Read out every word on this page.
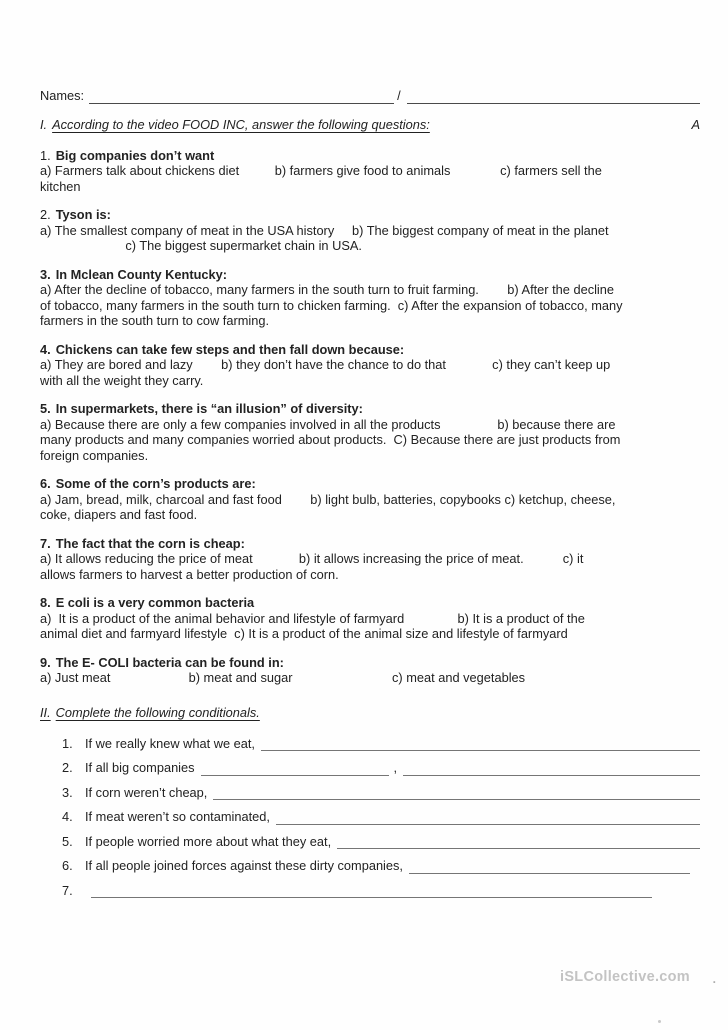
Names:	/
I. According to the video FOOD INC, answer the following questions:	A
1. Big companies don’t want
a) Farmers talk about chickens diet          b) farmers give food to animals              c) farmers sell the
kitchen
2. Tyson is:
a) The smallest company of meat in the USA history     b) The biggest company of meat in the planet
c) The biggest supermarket chain in USA.
3. In Mclean County Kentucky:
a) After the decline of tobacco, many farmers in the south turn to fruit farming.        b) After the decline
of tobacco, many farmers in the south turn to chicken farming.  c) After the expansion of tobacco, many
farmers in the south turn to cow farming.
4. Chickens can take few steps and then fall down because:
a) They are bored and lazy        b) they don’t have the chance to do that             c) they can’t keep up
with all the weight they carry.
5. In supermarkets, there is “an illusion” of diversity:
a) Because there are only a few companies involved in all the products                b) because there are
many products and many companies worried about products.  C) Because there are just products from
foreign companies.
6. Some of the corn’s products are:
a) Jam, bread, milk, charcoal and fast food        b) light bulb, batteries, copybooks c) ketchup, cheese,
coke, diapers and fast food.
7. The fact that the corn is cheap:
a) It allows reducing the price of meat             b) it allows increasing the price of meat.           c) it
allows farmers to harvest a better production of corn.
8. E coli is a very common bacteria
a)  It is a product of the animal behavior and lifestyle of farmyard               b) It is a product of the
animal diet and farmyard lifestyle  c) It is a product of the animal size and lifestyle of farmyard
9. The E- COLI bacteria can be found in:
a) Just meat                      b) meat and sugar                            c) meat and vegetables
II. Complete the following conditionals.
1. If we really knew what we eat,
2. If all big companies	,
3. If corn weren’t cheap,
4. If meat weren’t so contaminated,
5. If people worried more about what they eat,
6. If all people joined forces against these dirty companies,
7.
iSLCollective.com .
